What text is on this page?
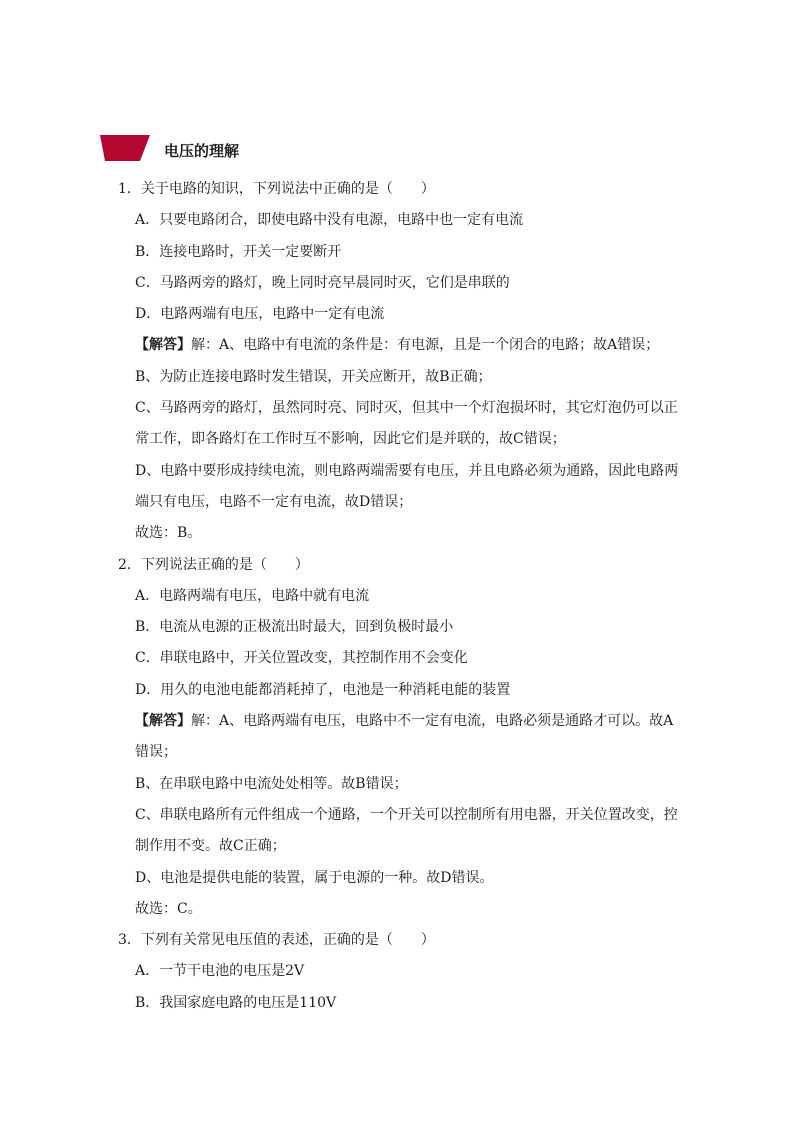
电压的理解
1．关于电路的知识，下列说法中正确的是（　　）
A．只要电路闭合，即使电路中没有电源，电路中也一定有电流
B．连接电路时，开关一定要断开
C．马路两旁的路灯，晚上同时亮早晨同时灭，它们是串联的
D．电路两端有电压，电路中一定有电流
【解答】解：A、电路中有电流的条件是：有电源，且是一个闭合的电路；故A错误；
B、为防止连接电路时发生错误，开关应断开，故B正确；
C、马路两旁的路灯，虽然同时亮、同时灭，但其中一个灯泡损坏时，其它灯泡仍可以正
常工作，即各路灯在工作时互不影响，因此它们是并联的，故C错误；
D、电路中要形成持续电流，则电路两端需要有电压，并且电路必须为通路，因此电路两
端只有电压，电路不一定有电流，故D错误；
故选：B。
2．下列说法正确的是（　　）
A．电路两端有电压，电路中就有电流
B．电流从电源的正极流出时最大，回到负极时最小
C．串联电路中，开关位置改变，其控制作用不会变化
D．用久的电池电能都消耗掉了，电池是一种消耗电能的装置
【解答】解：A、电路两端有电压，电路中不一定有电流，电路必须是通路才可以。故A
错误；
B、在串联电路中电流处处相等。故B错误；
C、串联电路所有元件组成一个通路，一个开关可以控制所有用电器，开关位置改变，控
制作用不变。故C正确；
D、电池是提供电能的装置，属于电源的一种。故D错误。
故选：C。
3．下列有关常见电压值的表述，正确的是（　　）
A．一节干电池的电压是2V
B．我国家庭电路的电压是110V
